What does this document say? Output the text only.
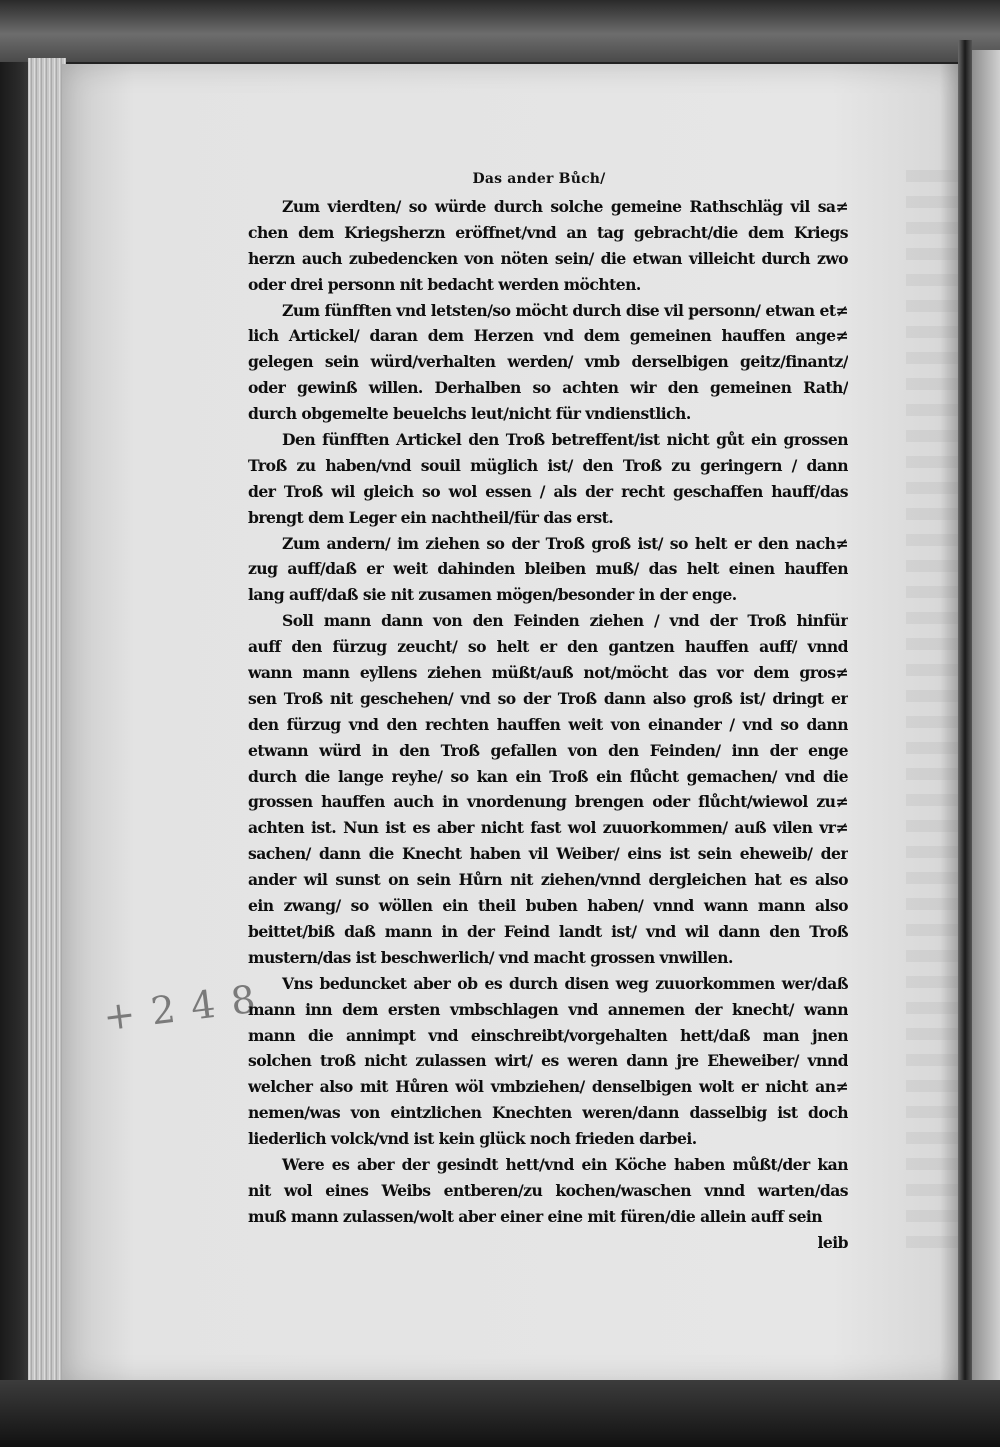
Das ander Bůch/
+ 2 4 8
Zum vierdten/ so würde durch solche gemeine Rathschläg vil sa≠
chen dem Kriegsherzn eröffnet/vnd an tag gebracht/die dem Kriegs
herzn auch zubedencken von nöten sein/ die etwan villeicht durch zwo
oder drei personn nit bedacht werden möchten.
Zum fünfften vnd letsten/so möcht durch dise vil personn/ etwan et≠
lich Artickel/ daran dem Herzen vnd dem gemeinen hauffen ange≠
gelegen sein würd/verhalten werden/ vmb derselbigen geitz/finantz/
oder gewinß willen. Derhalben so achten wir den gemeinen Rath/
durch obgemelte beuelchs leut/nicht für vndienstlich.
Den fünfften Artickel den Troß betreffent/ist nicht gůt ein grossen
Troß zu haben/vnd souil müglich ist/ den Troß zu geringern / dann
der Troß wil gleich so wol essen / als der recht geschaffen hauff/das
brengt dem Leger ein nachtheil/für das erst.
Zum andern/ im ziehen so der Troß groß ist/ so helt er den nach≠
zug auff/daß er weit dahinden bleiben muß/ das helt einen hauffen
lang auff/daß sie nit zusamen mögen/besonder in der enge.
Soll mann dann von den Feinden ziehen / vnd der Troß hinfür
auff den fürzug zeucht/ so helt er den gantzen hauffen auff/ vnnd
wann mann eyllens ziehen müßt/auß not/möcht das vor dem gros≠
sen Troß nit geschehen/ vnd so der Troß dann also groß ist/ dringt er
den fürzug vnd den rechten hauffen weit von einander / vnd so dann
etwann würd in den Troß gefallen von den Feinden/ inn der enge
durch die lange reyhe/ so kan ein Troß ein flůcht gemachen/ vnd die
grossen hauffen auch in vnordenung brengen oder flůcht/wiewol zu≠
achten ist. Nun ist es aber nicht fast wol zuuorkommen/ auß vilen vr≠
sachen/ dann die Knecht haben vil Weiber/ eins ist sein eheweib/ der
ander wil sunst on sein Hůrn nit ziehen/vnnd dergleichen hat es also
ein zwang/ so wöllen ein theil buben haben/ vnnd wann mann also
beittet/biß daß mann in der Feind landt ist/ vnd wil dann den Troß
mustern/das ist beschwerlich/ vnd macht grossen vnwillen.
Vns beduncket aber ob es durch disen weg zuuorkommen wer/daß
mann inn dem ersten vmbschlagen vnd annemen der knecht/ wann
mann die annimpt vnd einschreibt/vorgehalten hett/daß man jnen
solchen troß nicht zulassen wirt/ es weren dann jre Eheweiber/ vnnd
welcher also mit Hůren wöl vmbziehen/ denselbigen wolt er nicht an≠
nemen/was von eintzlichen Knechten weren/dann dasselbig ist doch
liederlich volck/vnd ist kein glück noch frieden darbei.
Were es aber der gesindt hett/vnd ein Köche haben můßt/der kan
nit wol eines Weibs entberen/zu kochen/waschen vnnd warten/das
muß mann zulassen/wolt aber einer eine mit füren/die allein auff sein
leib
